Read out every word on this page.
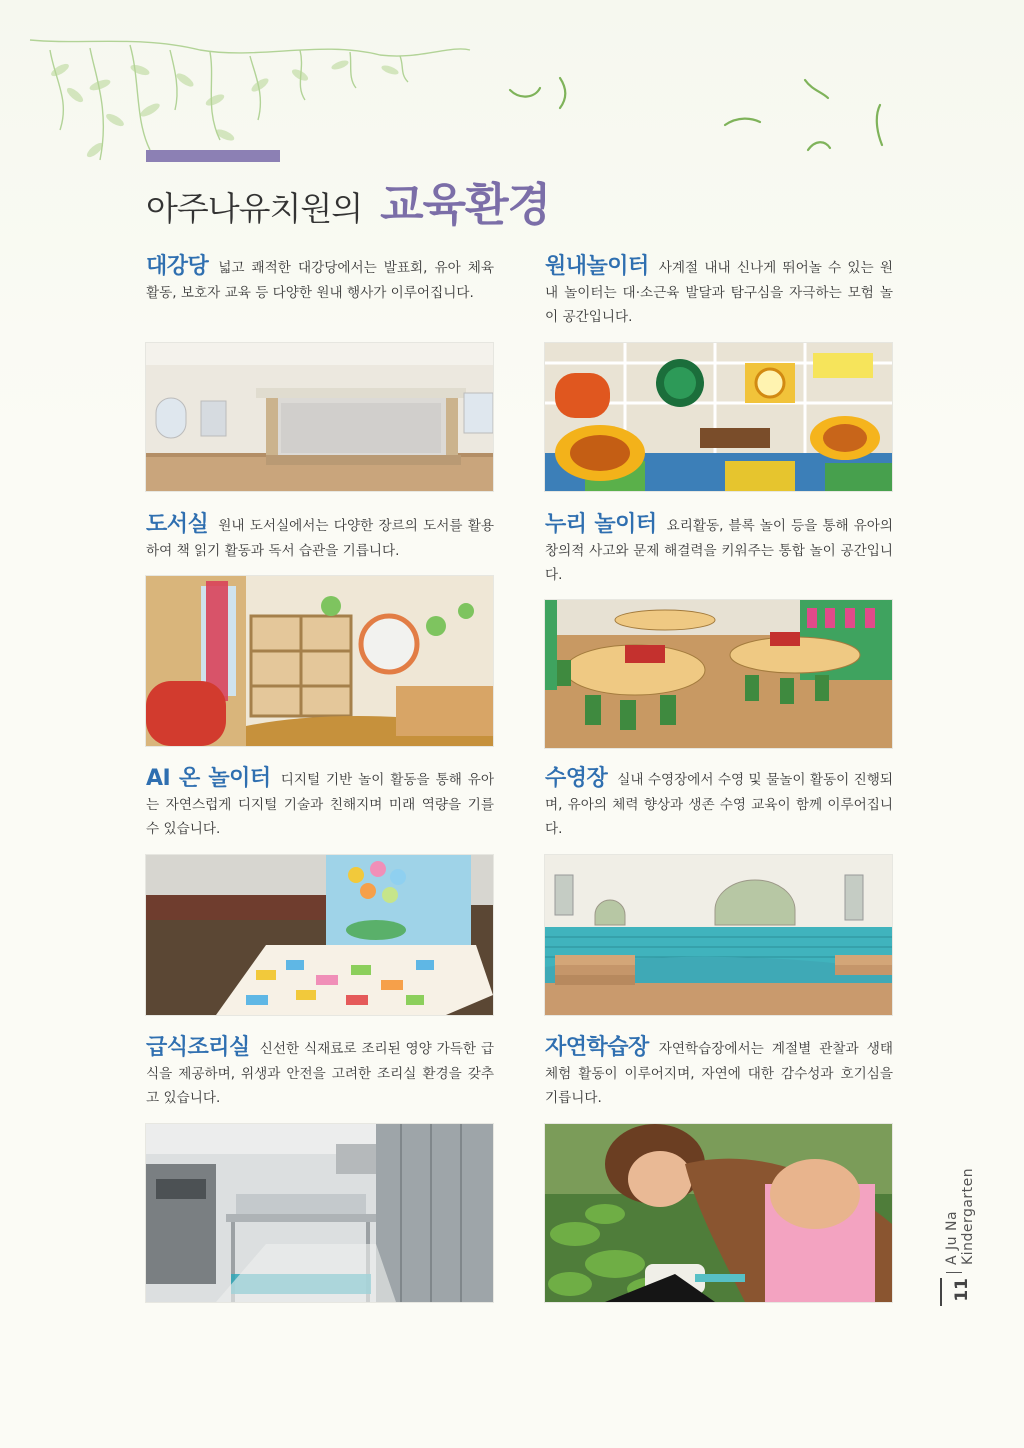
아주나유치원의 교육환경

대강당 넓고 쾌적한 대강당에서는 발표회, 유아 체육 활동, 보호자 교육 등 다양한 원내 행사가 이루어집니다.

원내놀이터 사계절 내내 신나게 뛰어놀 수 있는 원내 놀이터는 대·소근육 발달과 탐구심을 자극하는 모험 놀이 공간입니다.

도서실 원내 도서실에서는 다양한 장르의 도서를 활용하여 책 읽기 활동과 독서 습관을 기릅니다.

누리 놀이터 요리활동, 블록 놀이 등을 통해 유아의 창의적 사고와 문제 해결력을 키워주는 통합 놀이 공간입니다.

AI 온 놀이터 디지털 기반 놀이 활동을 통해 유아는 자연스럽게 디지털 기술과 친해지며 미래 역량을 기를 수 있습니다.

수영장 실내 수영장에서 수영 및 물놀이 활동이 진행되며, 유아의 체력 향상과 생존 수영 교육이 함께 이루어집니다.

급식조리실 신선한 식재료로 조리된 영양 가득한 급식을 제공하며, 위생과 안전을 고려한 조리실 환경을 갖추고 있습니다.

자연학습장 자연학습장에서는 계절별 관찰과 생태 체험 활동이 이루어지며, 자연에 대한 감수성과 호기심을 기릅니다.

A Ju Na Kindergarten
11
